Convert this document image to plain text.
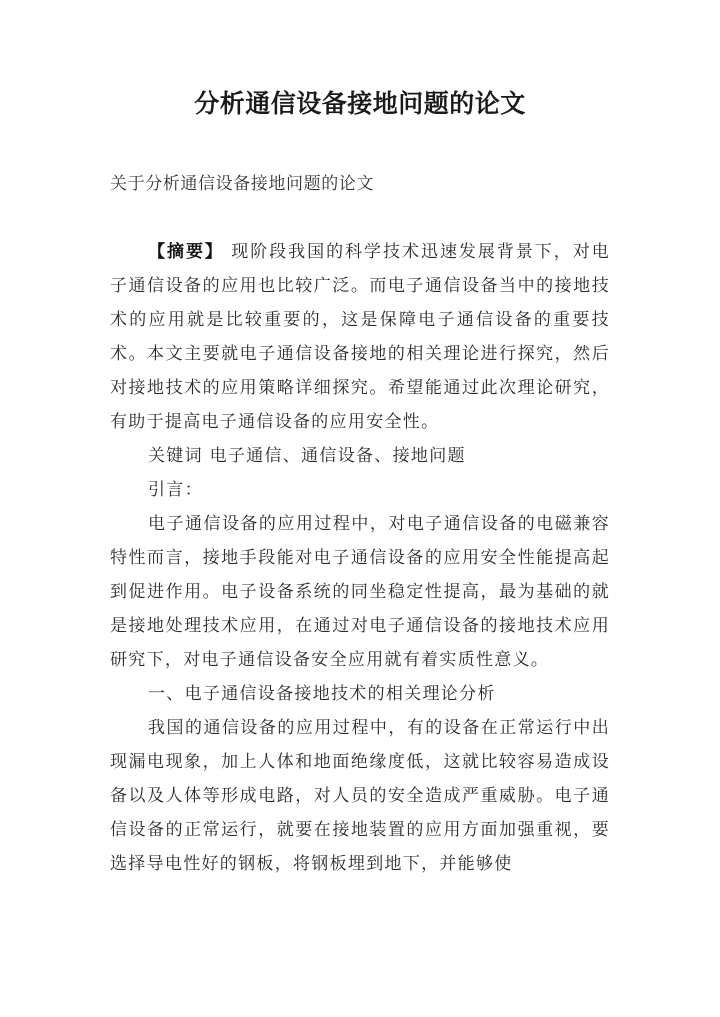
分析通信设备接地问题的论文
关于分析通信设备接地问题的论文

【摘要】 现阶段我国的科学技术迅速发展背景下，对电子通信设备的应用也比较广泛。而电子通信设备当中的接地技术的应用就是比较重要的，这是保障电子通信设备的重要技术。本文主要就电子通信设备接地的相关理论进行探究，然后对接地技术的应用策略详细探究。希望能通过此次理论研究，有助于提高电子通信设备的应用安全性。

关键词 电子通信、通信设备、接地问题

引言：

电子通信设备的应用过程中，对电子通信设备的电磁兼容特性而言，接地手段能对电子通信设备的应用安全性能提高起到促进作用。电子设备系统的同坐稳定性提高，最为基础的就是接地处理技术应用，在通过对电子通信设备的接地技术应用研究下，对电子通信设备安全应用就有着实质性意义。

一、电子通信设备接地技术的相关理论分析

我国的通信设备的应用过程中，有的设备在正常运行中出现漏电现象，加上人体和地面绝缘度低，这就比较容易造成设备以及人体等形成电路，对人员的安全造成严重威胁。电子通信设备的正常运行，就要在接地装置的应用方面加强重视，要选择导电性好的钢板，将钢板埋到地下，并能够使
